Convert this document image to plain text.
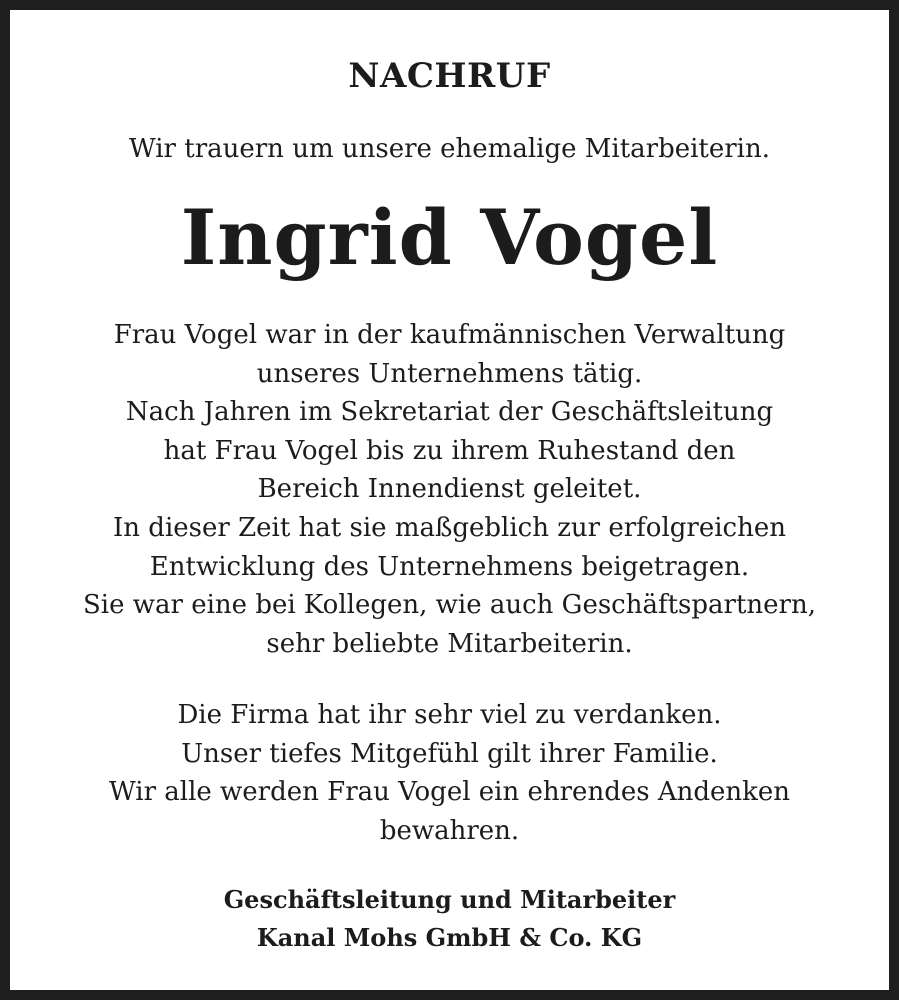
NACHRUF
Wir trauern um unsere ehemalige Mitarbeiterin.
Ingrid Vogel
Frau Vogel war in der kaufmännischen Verwaltung
unseres Unternehmens tätig.
Nach Jahren im Sekretariat der Geschäftsleitung
hat Frau Vogel bis zu ihrem Ruhestand den
Bereich Innendienst geleitet.
In dieser Zeit hat sie maßgeblich zur erfolgreichen
Entwicklung des Unternehmens beigetragen.
Sie war eine bei Kollegen, wie auch Geschäftspartnern,
sehr beliebte Mitarbeiterin.
Die Firma hat ihr sehr viel zu verdanken.
Unser tiefes Mitgefühl gilt ihrer Familie.
Wir alle werden Frau Vogel ein ehrendes Andenken
bewahren.
Geschäftsleitung und Mitarbeiter
Kanal Mohs GmbH & Co. KG
